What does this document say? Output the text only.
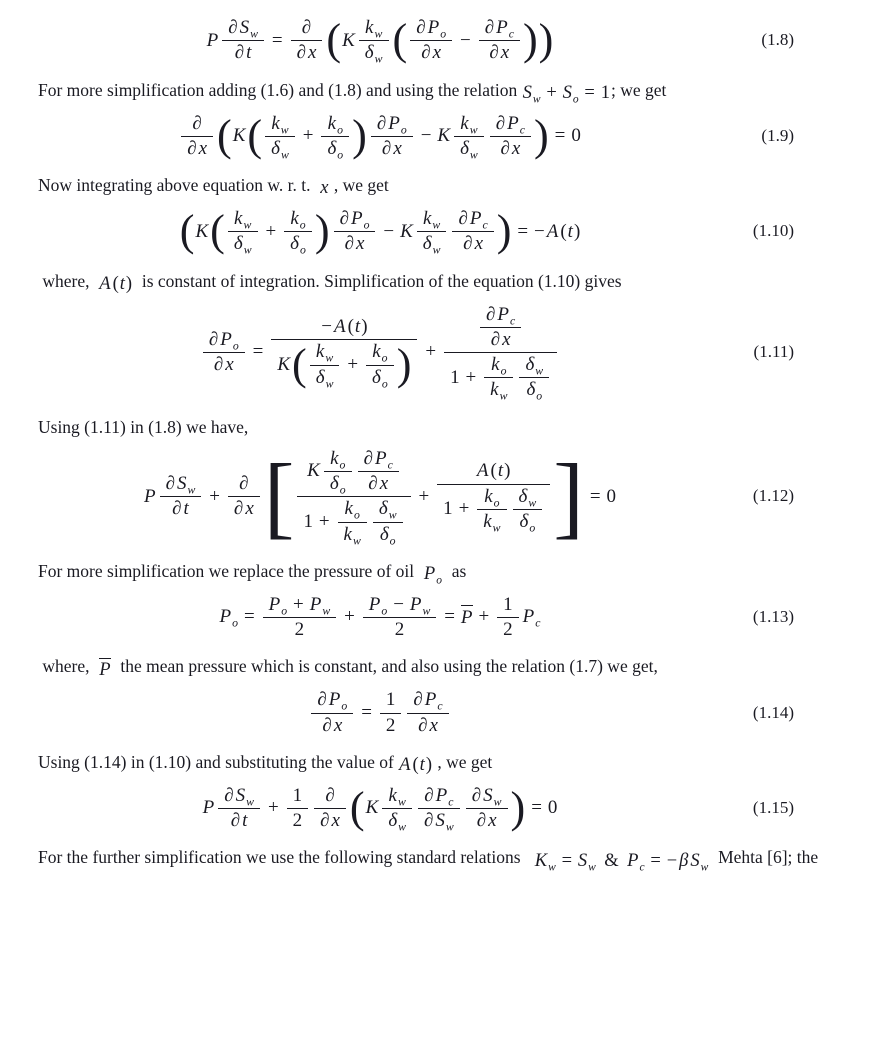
P
∂ S w
∂ t
=
∂
∂ x ( K
k w
δ w ( ∂ P o
∂ x
−
∂ P c
∂ x ) )	(1.8)

For more simplification adding (1.6) and (1.8) and using the relation S w + S o = 1 ; we get

∂
∂ x ( K ( k w
δ w
+
k o
δ o ) ∂ P o
∂ x
− K
k w
δ w
∂ P c
∂ x ) = 0	(1.9)

Now integrating above equation w. r. t. x , we get

( K ( k w
δ w
+
k o
δ o ) ∂ P o
∂ x
− K
k w
δ w
∂ P c
∂ x ) = − A ( t )	(1.10)

where, A ( t ) is constant of integration. Simplification of the equation (1.10) gives

∂ P o
∂ x
=
− A ( t )
K ( k w
δ w
+
k o
δ o ) +
∂ P c
∂ x
1 +
k o
k w
δ w
δ o
(1.11)

Using (1.11) in (1.8) we have,

P
∂ S w
∂ t
+
∂
∂ x [ K
k o
δ o
∂ P c
∂ x
1 +
k o
k w
δ w
δ o
+
A ( t )
1 +
k o
k w
δ w
δ o ] = 0	(1.12)

For more simplification we replace the pressure of oil P o as

P o =
P o + P w
2
+
P o − P w
2
= P +
1
2
P c	(1.13)

where, P the mean pressure which is constant, and also using the relation (1.7) we get,

∂ P o
∂ x
=
1
2
∂ P c
∂ x
(1.14)

Using (1.14) in (1.10) and substituting the value of A ( t ) , we get

P
∂ S w
∂ t
+
1
2
∂
∂ x ( K
k w
δ w
∂ P c
∂ S w
∂ S w
∂ x ) = 0	(1.15)

For the further simplification we use the following standard relations K w = S w & P c = − β S w Mehta [6]; the
